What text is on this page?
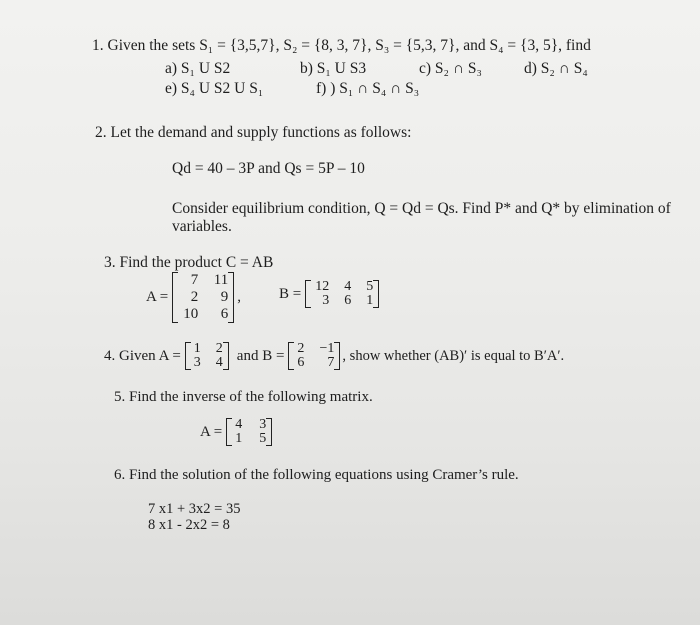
1. Given the sets S₁ = {3,5,7}, S₂ = {8, 3, 7}, S₃ = {5,3, 7}, and S₄ = {3, 5}, find
a) S₁ U S2	b) S₁ U S3	c) S₂ ∩ S₃	d) S₂ ∩ S₄
e) S₄ U S2 U S₁	f) ) S₁ ∩ S₄ ∩ S₃
2. Let the demand and supply functions as follows:
Qd = 40 – 3P and Qs = 5P – 10
Consider equilibrium condition, Q = Qd = Qs. Find P* and Q* by elimination of
variables.
3. Find the product C = AB
A =
7	11
2	9
10	6
,	B = 12	4	5
3	6	1
4. Given A = 1	2
3	4 and B = 2	−1
6	7 , show whether (AB)′ is equal to B′A′.
5. Find the inverse of the following matrix.
A = 4	3
1	5
6. Find the solution of the following equations using Cramer’s rule.
7 x1 + 3x2 = 35
8 x1 - 2x2 = 8
